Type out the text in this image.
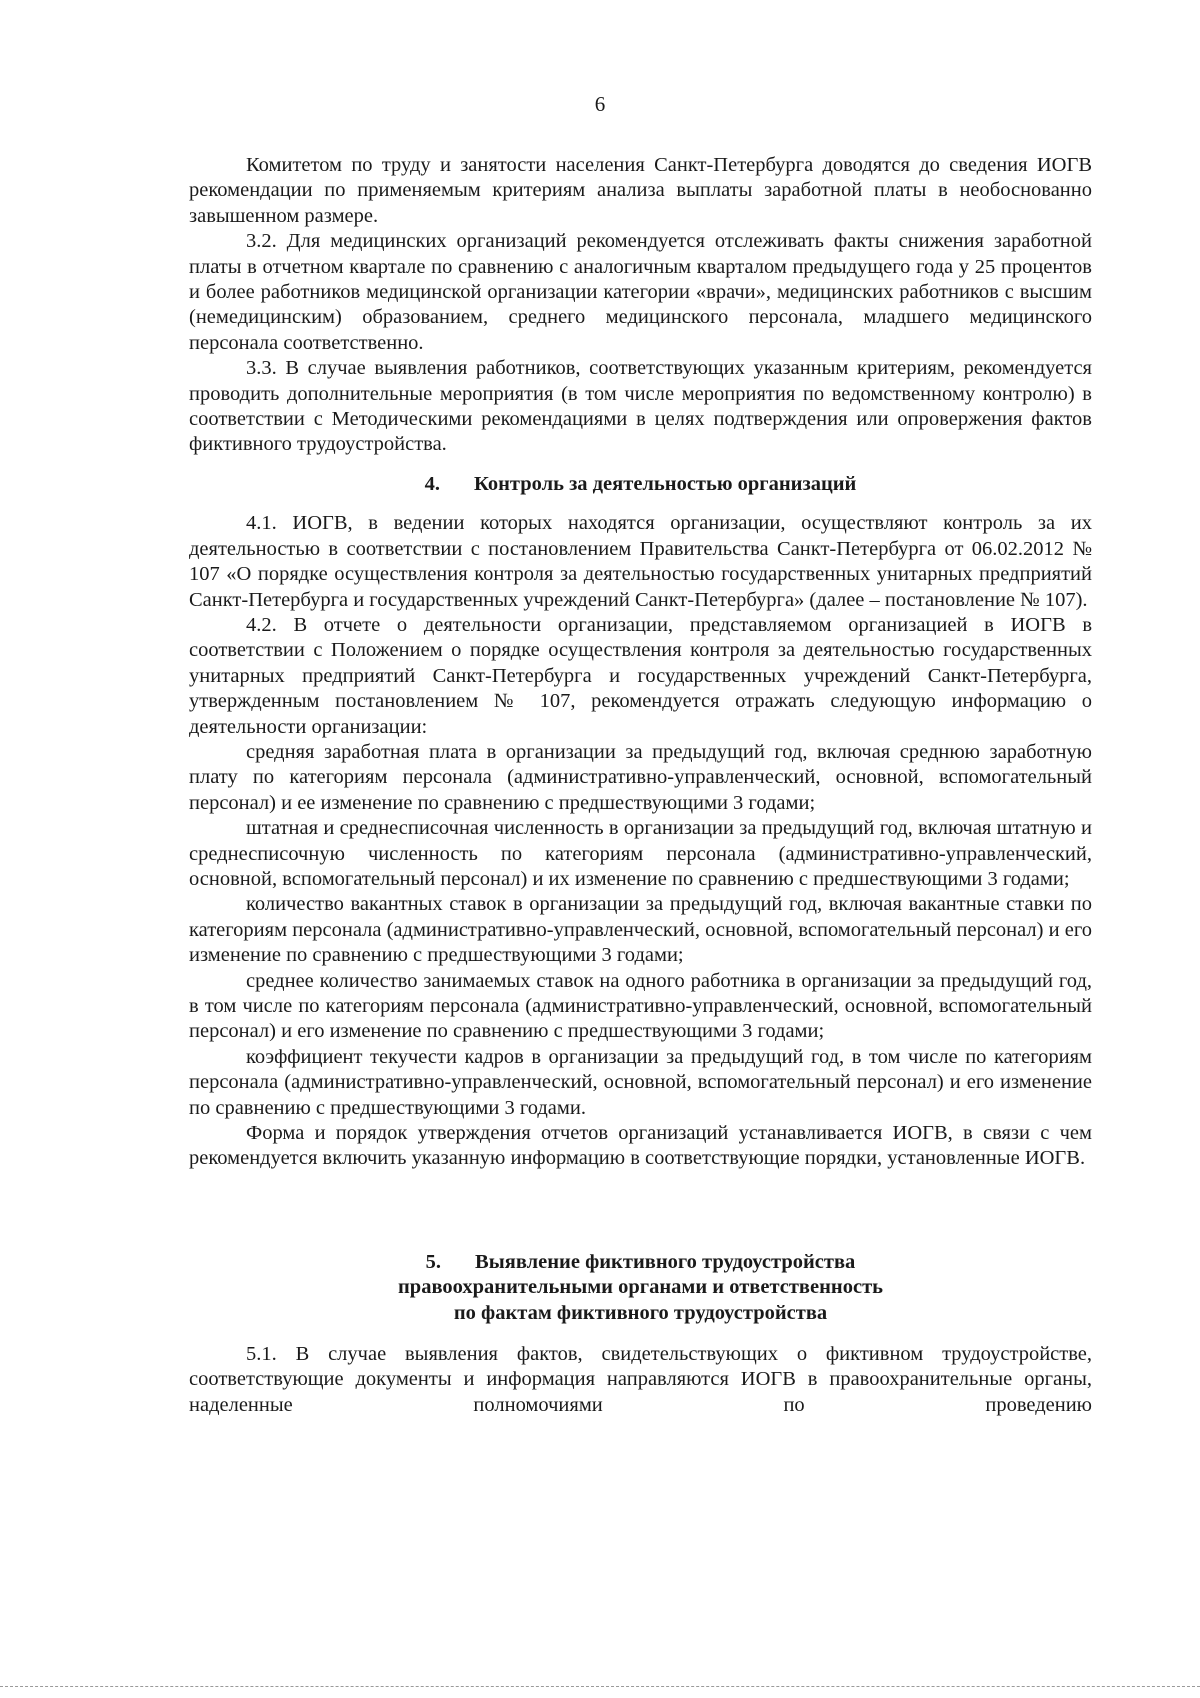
6

Комитетом по труду и занятости населения Санкт-Петербурга доводятся до сведения ИОГВ рекомендации по применяемым критериям анализа выплаты заработной платы в необоснованно завышенном размере.

3.2. Для медицинских организаций рекомендуется отслеживать факты снижения заработной платы в отчетном квартале по сравнению с аналогичным кварталом предыдущего года у 25 процентов и более работников медицинской организации категории «врачи», медицинских работников с высшим (немедицинским) образованием, среднего медицинского персонала, младшего медицинского персонала соответственно.

3.3. В случае выявления работников, соответствующих указанным критериям, рекомендуется проводить дополнительные мероприятия (в том числе мероприятия по ведомственному контролю) в соответствии с Методическими рекомендациями в целях подтверждения или опровержения фактов фиктивного трудоустройства.

4. Контроль за деятельностью организаций

4.1. ИОГВ, в ведении которых находятся организации, осуществляют контроль за их деятельностью в соответствии с постановлением Правительства Санкт-Петербурга от 06.02.2012 № 107 «О порядке осуществления контроля за деятельностью государственных унитарных предприятий Санкт-Петербурга и государственных учреждений Санкт-Петербурга» (далее – постановление № 107).

4.2. В отчете о деятельности организации, представляемом организацией в ИОГВ в соответствии с Положением о порядке осуществления контроля за деятельностью государственных унитарных предприятий Санкт-Петербурга и государственных учреждений Санкт-Петербурга, утвержденным постановлением № 107, рекомендуется отражать следующую информацию о деятельности организации:

средняя заработная плата в организации за предыдущий год, включая среднюю заработную плату по категориям персонала (административно-управленческий, основной, вспомогательный персонал) и ее изменение по сравнению с предшествующими 3 годами;

штатная и среднесписочная численность в организации за предыдущий год, включая штатную и среднесписочную численность по категориям персонала (административно-управленческий, основной, вспомогательный персонал) и их изменение по сравнению с предшествующими 3 годами;

количество вакантных ставок в организации за предыдущий год, включая вакантные ставки по категориям персонала (административно-управленческий, основной, вспомогательный персонал) и его изменение по сравнению с предшествующими 3 годами;

среднее количество занимаемых ставок на одного работника в организации за предыдущий год, в том числе по категориям персонала (административно-управленческий, основной, вспомогательный персонал) и его изменение по сравнению с предшествующими 3 годами;

коэффициент текучести кадров в организации за предыдущий год, в том числе по категориям персонала (административно-управленческий, основной, вспомогательный персонал) и его изменение по сравнению с предшествующими 3 годами.

Форма и порядок утверждения отчетов организаций устанавливается ИОГВ, в связи с чем рекомендуется включить указанную информацию в соответствующие порядки, установленные ИОГВ.

5. Выявление фиктивного трудоустройства
правоохранительными органами и ответственность
по фактам фиктивного трудоустройства

5.1. В случае выявления фактов, свидетельствующих о фиктивном трудоустройстве, соответствующие документы и информация направляются ИОГВ в правоохранительные органы, наделенные полномочиями по проведению
